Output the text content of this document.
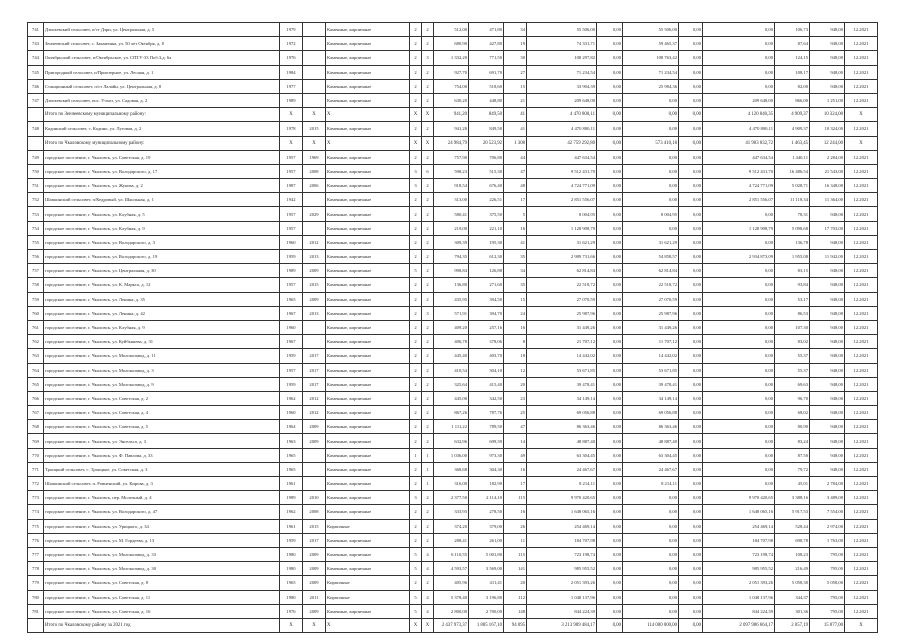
741	Дзигаевский сельсовет, п/ст Дэри, ул. Центральная, д. 5	1979		Каменные, кирпичные	2	2	512,00	471,80	34	55 506,00	0,00	55 506,00	0,00	0,00	106,73	948,00	12.2021
743	Зенчеевский сельсовет, с. Закаменка, ул. 50 лет Октября, д. 8	1972		Каменные, кирпичные	2	2	680,90	427,80	19	74 331,71	0,00	59 465,37	0,00	0,00	87,64	948,00	12.2021
744	Октябрьский сельсовет, п/Октябрьское, ул. СПТУ-33 Поб.3,д. 6а	1976		Каменные, кирпичные	2	3	1 332,20	771,50	30	108 297,82	0,00	108 763,42	0,00	0,00	124,15	948,00	12.2021
745	Пригородный сельсовет, п/Приозерное, ул. Лесная, д. 1	1984		Каменные, кирпичные	2	2	927,70	691,70	27	71 234,54	0,00	71 234,54	0,00	0,00	108,17	948,00	12.2021
746	Станционный сельсовет, п/ст Лалайн, ул. Центральная, д. 8	1977		Каменные, кирпичные	2	2	754,00	518,60	15	33 904,39	0,00	25 984,36	0,00	0,00	82,00	948,00	12.2021
747	Дзигаевский сельсовет, пос. Учхоз, ул. Садовая, д. 2	1989		Каменные, кирпичные	2	2	630,20	448,80	21	209 648,00	0,00	0,00	0,00	209 648,00	866,00	1 251,00	12.2021
	Итого по Зенчеевскому муниципальному району:	X	X	X	X	X	941,20	849,50	41	4 470 800,11	0,00	0,00	0,00	4 120 840,35	4 909,37	10 324,00	X
748	Кодинский сельсовет, с. Кодино, ул. Луговая, д. 2	1978	2015	Каменные, кирпичные	2	2	941,20	849,50	41	4 470 800,11	0,00	0,00	0,00	4 470 800,11	4 909,37	10 324,00	12.2021
	Итого по Чкаловскому муниципальному району:	X	X	X	X	X	24 984,79	20 523,92	1 308	42 759 292,80	0,00	573 410,18	0,00	41 903 832,72	1 463,45	12 244,00	X
749	городское поселение, г. Чкаловск, ул. Советская, д. 19	1957	1969	Каменные, кирпичные	2	2	757,90	706,80	44	447 634,54	0,00	0,00	0,00	447 634,54	1 440,11	2 284,00	12.2021
750	городское поселение, г. Чкаловск, ул. Володарского, д. 17	1957	2008	Каменные, кирпичные	3	6	598,23	515,30	47	9 512 431,70	0,00	0,00	0,00	9 512 431,70	16 486,54	21 543,00	12.2021
751	городское поселение, г. Чкаловск, ул. Жукова, д. 2	1987	2006	Каменные, кирпичные	3	2	918,54	676,40	48	4 724 771,09	0,00	0,00	0,00	4 724 771,09	5 028,71	16 348,00	12.2021
752	Шапкинский сельсовет, п/Кедровый, ул. Школьная, д. 1	1942		Каменные, кирпичные	2	2	313,00	226,51	17	2 851 556,07	0,00	0,00	0,00	2 851 556,07	11 118,34	11 364,00	12.2021
753	городское поселение, г. Чкаловск, ул. Клубная, д. 5	1957	2029	Каменные, кирпичные	2	2	580,41	375,50	5	8 004,95	0,00	8 004,95	0,00	0,00	78,31	948,00	12.2021
754	городское поселение, г. Чкаловск, ул. Клубная, д. 9	1957		Каменные, кирпичные	2	2	219,00	221,10	16	1 128 908,79	0,00	0,00	0,00	1 128 908,79	5 098,68	17 703,00	12.2021
755	городское поселение, г. Чкаловск, ул. Володарского, д. 3	1960	2012	Каменные, кирпичные	2	2	309,39	195,30	41	31 621,29	0,00	31 621,29	0,00	0,00	136,78	948,00	12.2021
756	городское поселение, г. Чкаловск, ул. Володарского, д. 19	1959	2013	Каменные, кирпичные	2	2	794,35	612,30	35	2 989 731,66	0,00	54 858,57	0,00	2 934 873,09	1 955,08	11 942,00	12.2021
757	городское поселение, г. Чкаловск, ул. Центральная, д. 30	1989	2009	Каменные, кирпичные	5	2	998,84	126,88	34	62 814,84	0,00	62 814,84	0,00	0,00	83,15	948,00	12.2021
758	городское поселение, г. Чкаловск, ул. К. Маркса, д. 12	1957	2015	Каменные, кирпичные	2	2	136,80	271,60	35	22 518,72	0,00	22 518,72	0,00	0,00	93,84	948,00	12.2021
759	городское поселение, г. Чкаловск, ул. Ленина, д. 35	1965	2009	Каменные, кирпичные	2	2	435,95	394,50	15	27 070,59	0,00	27 070,59	0,00	0,00	53,17	948,00	12.2021
760	городское поселение, г. Чкаловск, ул. Ленина, д. 42	1967	2013	Каменные, кирпичные	2	3	571,91	394,70	24	25 987,96	0,00	25 987,96	0,00	0,00	86,53	948,00	12.2021
761	городское поселение, г. Чкаловск, ул. Клубная, д. 9	1960		Каменные, кирпичные	2	2	409,20	257,16	16	31 449,26	0,00	31 449,26	0,00	0,00	107,30	948,00	12.2021
762	городское поселение, г. Чкаловск, ул. Куйбышева, д. 31	1967		Каменные, кирпичные	2	2	406,78	378,06	8	21 707,12	0,00	11 707,12	0,00	0,00	83,02	948,00	12.2021
763	городское поселение, г. Чкаловск, ул. Молокозавод, д. 11	1959	2017	Каменные, кирпичные	2	2	445,40	403,70	18	14 442,02	0,00	14 442,02	0,00	0,00	55,37	948,00	12.2021
764	городское поселение, г. Чкаловск, ул. Молокозавод, д. 3	1957	2017	Каменные, кирпичные	2	2	410,54	304,10	12	53 671,85	0,00	53 671,85	0,00	0,00	55,37	948,00	12.2021
765	городское поселение, г. Чкаловск, ул. Молокозавод, д. 9	1959	2017	Каменные, кирпичные	2	2	325,64	415,40	20	39 478,41	0,00	39 478,41	0,00	0,00	69,63	948,00	12.2021
766	городское поселение, г. Чкаловск, ул. Советская, д. 2	1962	2012	Каменные, кирпичные	2	2	445,00	342,50	23	34 149,14	0,00	34 149,14	0,00	0,00	96,70	948,00	12.2021
767	городское поселение, г. Чкаловск, ул. Советская, д. 4	1960	2012	Каменные, кирпичные	2	2	867,26	787,76	25	69 056,88	0,00	69 056,88	0,00	0,00	68,02	948,00	12.2021
768	городское поселение, г. Чкаловск, ул. Советская, д. 5	1964	2009	Каменные, кирпичные	2	2	1 111,22	789,50	47	86 363,46	0,00	86 363,46	0,00	0,00	80,90	948,00	12.2021
769	городское поселение, г. Чкаловск, ул. Энгельса, д. 3	1963	2009	Каменные, кирпичные	2	2	632,96	699,39	14	48 887,40	0,00	48 887,40	0,00	0,00	83,24	948,00	12.2021
770	городское поселение, г. Чкаловск, ул. Ф. Павлова, д. 33	1965		Каменные, кирпичные	1	1	1 036,00	973,30	49	63 304,45	0,00	63 304,45	0,00	0,00	87,50	948,00	12.2021
771	Троицкий сельсовет, с. Троицкое, ул. Советская, д. 3	1965		Каменные, кирпичные	2	1	368,68	304,30	16	24 467,67	0,00	24 467,67	0,00	0,00	79,72	948,00	12.2021
772	Шапкинский сельсовет, п. Ровненский, ул. Кирова, д. 3	1961		Каменные, кирпичные	2	1	316,00	182,90	17	8 214,11	0,00	8 214,11	0,00	0,00	45,01	2 784,00	12.2021
773	городское поселение, г. Чкаловск, пер. Молочный, д. 4	1989	2010	Каменные, кирпичные	3	2	2 377,50	2 114,10	115	9 970 420,65	0,00	0,00	0,00	9 970 420,65	3 388,16	3 489,00	12.2021
774	городское поселение, г. Чкаловск, ул. Володарского, д. 47	1962	2008	Каменные, кирпичные	2	2	333,93	278,50	16	1 648 065,16	0,00	0,00	0,00	1 648 065,16	5 917,53	7 554,00	12.2021
775	городское поселение, г. Чкаловск, ул. Урицкого, д. 34	1961	2015	Кирпичные	2	2	374,20	379,00	26	254 469,14	0,00	0,00	0,00	254 469,14	528,44	2 974,00	12.2021
776	городское поселение, г. Чкаловск, ул. М. Гордеева, д. 13	1959	2017	Каменные, кирпичные	2	2	288,41	261,00	11	184 707,98	0,00	0,00	0,00	184 707,98	698,78	1 763,00	12.2021
777	городское поселение, г. Чкаловск, ул. Молокозавод, д. 33	1980	2009	Каменные, кирпичные	5	4	6 110,55	5 001,80	115	723 198,74	0,00	0,00	0,00	723 198,74	108,23	795,00	12.2021
778	городское поселение, г. Чкаловск, ул. Молокозавод, д. 30	1980	2009	Каменные, кирпичные	5	4	4 593,57	3 569,00	141	985 955,52	0,00	0,00	0,00	985 955,52	216,49	795,00	12.2021
779	городское поселение, г. Чкаловск, ул. Советская, д. 8	1965	2009	Кирпичные	2	2	405,96	411,41	20	2 051 393,26	0,00	0,00	0,00	2 051 393,26	5 058,30	5 058,00	12.2021
780	городское поселение, г. Чкаловск, ул. Советская, д. 11	1980	2011	Кирпичные	5	4	5 378,40	3 196,80	112	1 048 137,96	0,00	0,00	0,00	1 048 137,96	344,37	795,00	12.2021
781	городское поселение, г. Чкаловск, ул. Советская, д. 16	1976	2009	Каменные, кирпичные	5	4	2 800,00	2 700,00	148	844 224,39	0,00	0,00	0,00	844 224,39	301,36	795,00	12.2021
	Итого по Чкаловскому району за 2021 год	X	X	X	X	X	2 437 973,37	1 885 167,10	94 095	3 213 989 484,17	0,00	114 000 000,00	0,00	2 097 986 664,17	2 057,19	15 877,00	X
